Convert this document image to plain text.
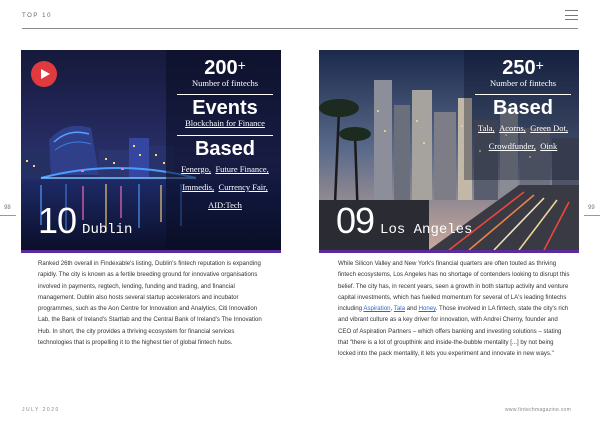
TOP 10
98	99
200+
Number of fintechs
Events
Blockchain for Finance
Based
Fenergo, Future Finance, Immedis, Currency Fair, AID:Tech
10 Dublin
250+
Number of fintechs
Based
Tala, Acorns, Green Dot, Crowdfunder, Oink
09 Los Angeles
Ranked 26th overall in Findexable's listing, Dublin's fintech reputation is expanding rapidly. The city is known as a fertile breeding ground for innovative organisations involved in payments, regtech, lending, funding and trading, and financial management. Dublin also hosts several startup accelerators and incubator programmes, such as the Aon Centre for Innovation and Analytics, Citi Innovation Lab, the Bank of Ireland's Startlab and the Central Bank of Ireland's The Innovation Hub. In short, the city provides a thriving ecosystem for financial services technologies that is propelling it to the highest tier of global fintech hubs.
While Silicon Valley and New York's financial quarters are often touted as thriving fintech ecosystems, Los Angeles has no shortage of contenders looking to disrupt this belief. The city has, in recent years, seen a growth in both startup activity and venture capital investments, which has fuelled momentum for several of LA's leading fintechs including Aspiration, Tala and Honey. Those involved in LA fintech, state the city's rich and vibrant culture as a key driver for innovation, with Andrei Cherny, founder and CEO of Aspiration Partners – which offers banking and investing solutions – stating that "there is a lot of groupthink and inside-the-bubble mentality [...] by not being locked into the pack mentality, it lets you experiment and innovate in new ways."
JULY 2020	www.fintechmagazine.com
